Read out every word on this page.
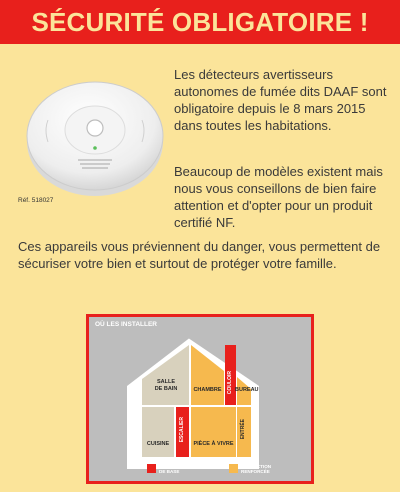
SÉCURITÉ OBLIGATOIRE !
Réf. 518027
Les détecteurs avertisseurs autonomes de fumée dits DAAF sont obligatoire depuis le 8 mars 2015 dans toutes les habitations.
Beaucoup de modèles existent mais nous vous conseillons de bien faire attention et d'opter pour un produit certifié NF.
Ces appareils vous préviennent du danger, vous permettent de sécuriser votre bien et surtout de protéger votre famille.
OÙ LES INSTALLER
SALLE
DE BAIN	CHAMBRE	COULOIR BUREAU
CUISINE
ESCALIER
PIÈCE À VIVRE
ENTRÉE
PROTECTION
DE BASE
PROTECTION
RENFORCÉE
